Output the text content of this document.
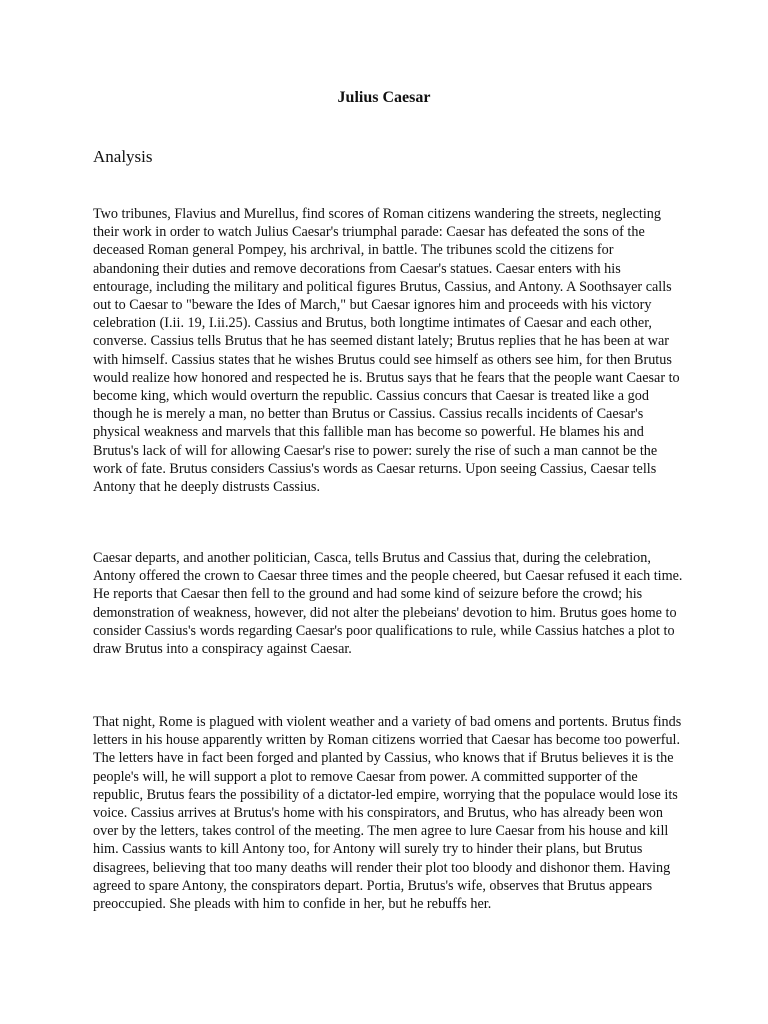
Julius Caesar
Analysis

Two tribunes, Flavius and Murellus, find scores of Roman citizens wandering the streets, neglecting their work in order to watch Julius Caesar's triumphal parade: Caesar has defeated the sons of the deceased Roman general Pompey, his archrival, in battle. The tribunes scold the citizens for abandoning their duties and remove decorations from Caesar's statues. Caesar enters with his entourage, including the military and political figures Brutus, Cassius, and Antony. A Soothsayer calls out to Caesar to "beware the Ides of March," but Caesar ignores him and proceeds with his victory celebration (I.ii. 19, I.ii.25). Cassius and Brutus, both longtime intimates of Caesar and each other, converse. Cassius tells Brutus that he has seemed distant lately; Brutus replies that he has been at war with himself. Cassius states that he wishes Brutus could see himself as others see him, for then Brutus would realize how honored and respected he is. Brutus says that he fears that the people want Caesar to become king, which would overturn the republic. Cassius concurs that Caesar is treated like a god though he is merely a man, no better than Brutus or Cassius. Cassius recalls incidents of Caesar's physical weakness and marvels that this fallible man has become so powerful. He blames his and Brutus's lack of will for allowing Caesar's rise to power: surely the rise of such a man cannot be the work of fate. Brutus considers Cassius's words as Caesar returns. Upon seeing Cassius, Caesar tells Antony that he deeply distrusts Cassius.

Caesar departs, and another politician, Casca, tells Brutus and Cassius that, during the celebration, Antony offered the crown to Caesar three times and the people cheered, but Caesar refused it each time. He reports that Caesar then fell to the ground and had some kind of seizure before the crowd; his demonstration of weakness, however, did not alter the plebeians' devotion to him. Brutus goes home to consider Cassius's words regarding Caesar's poor qualifications to rule, while Cassius hatches a plot to draw Brutus into a conspiracy against Caesar.

That night, Rome is plagued with violent weather and a variety of bad omens and portents. Brutus finds letters in his house apparently written by Roman citizens worried that Caesar has become too powerful. The letters have in fact been forged and planted by Cassius, who knows that if Brutus believes it is the people's will, he will support a plot to remove Caesar from power. A committed supporter of the republic, Brutus fears the possibility of a dictator-led empire, worrying that the populace would lose its voice. Cassius arrives at Brutus's home with his conspirators, and Brutus, who has already been won over by the letters, takes control of the meeting. The men agree to lure Caesar from his house and kill him. Cassius wants to kill Antony too, for Antony will surely try to hinder their plans, but Brutus disagrees, believing that too many deaths will render their plot too bloody and dishonor them. Having agreed to spare Antony, the conspirators depart. Portia, Brutus's wife, observes that Brutus appears preoccupied. She pleads with him to confide in her, but he rebuffs her.
